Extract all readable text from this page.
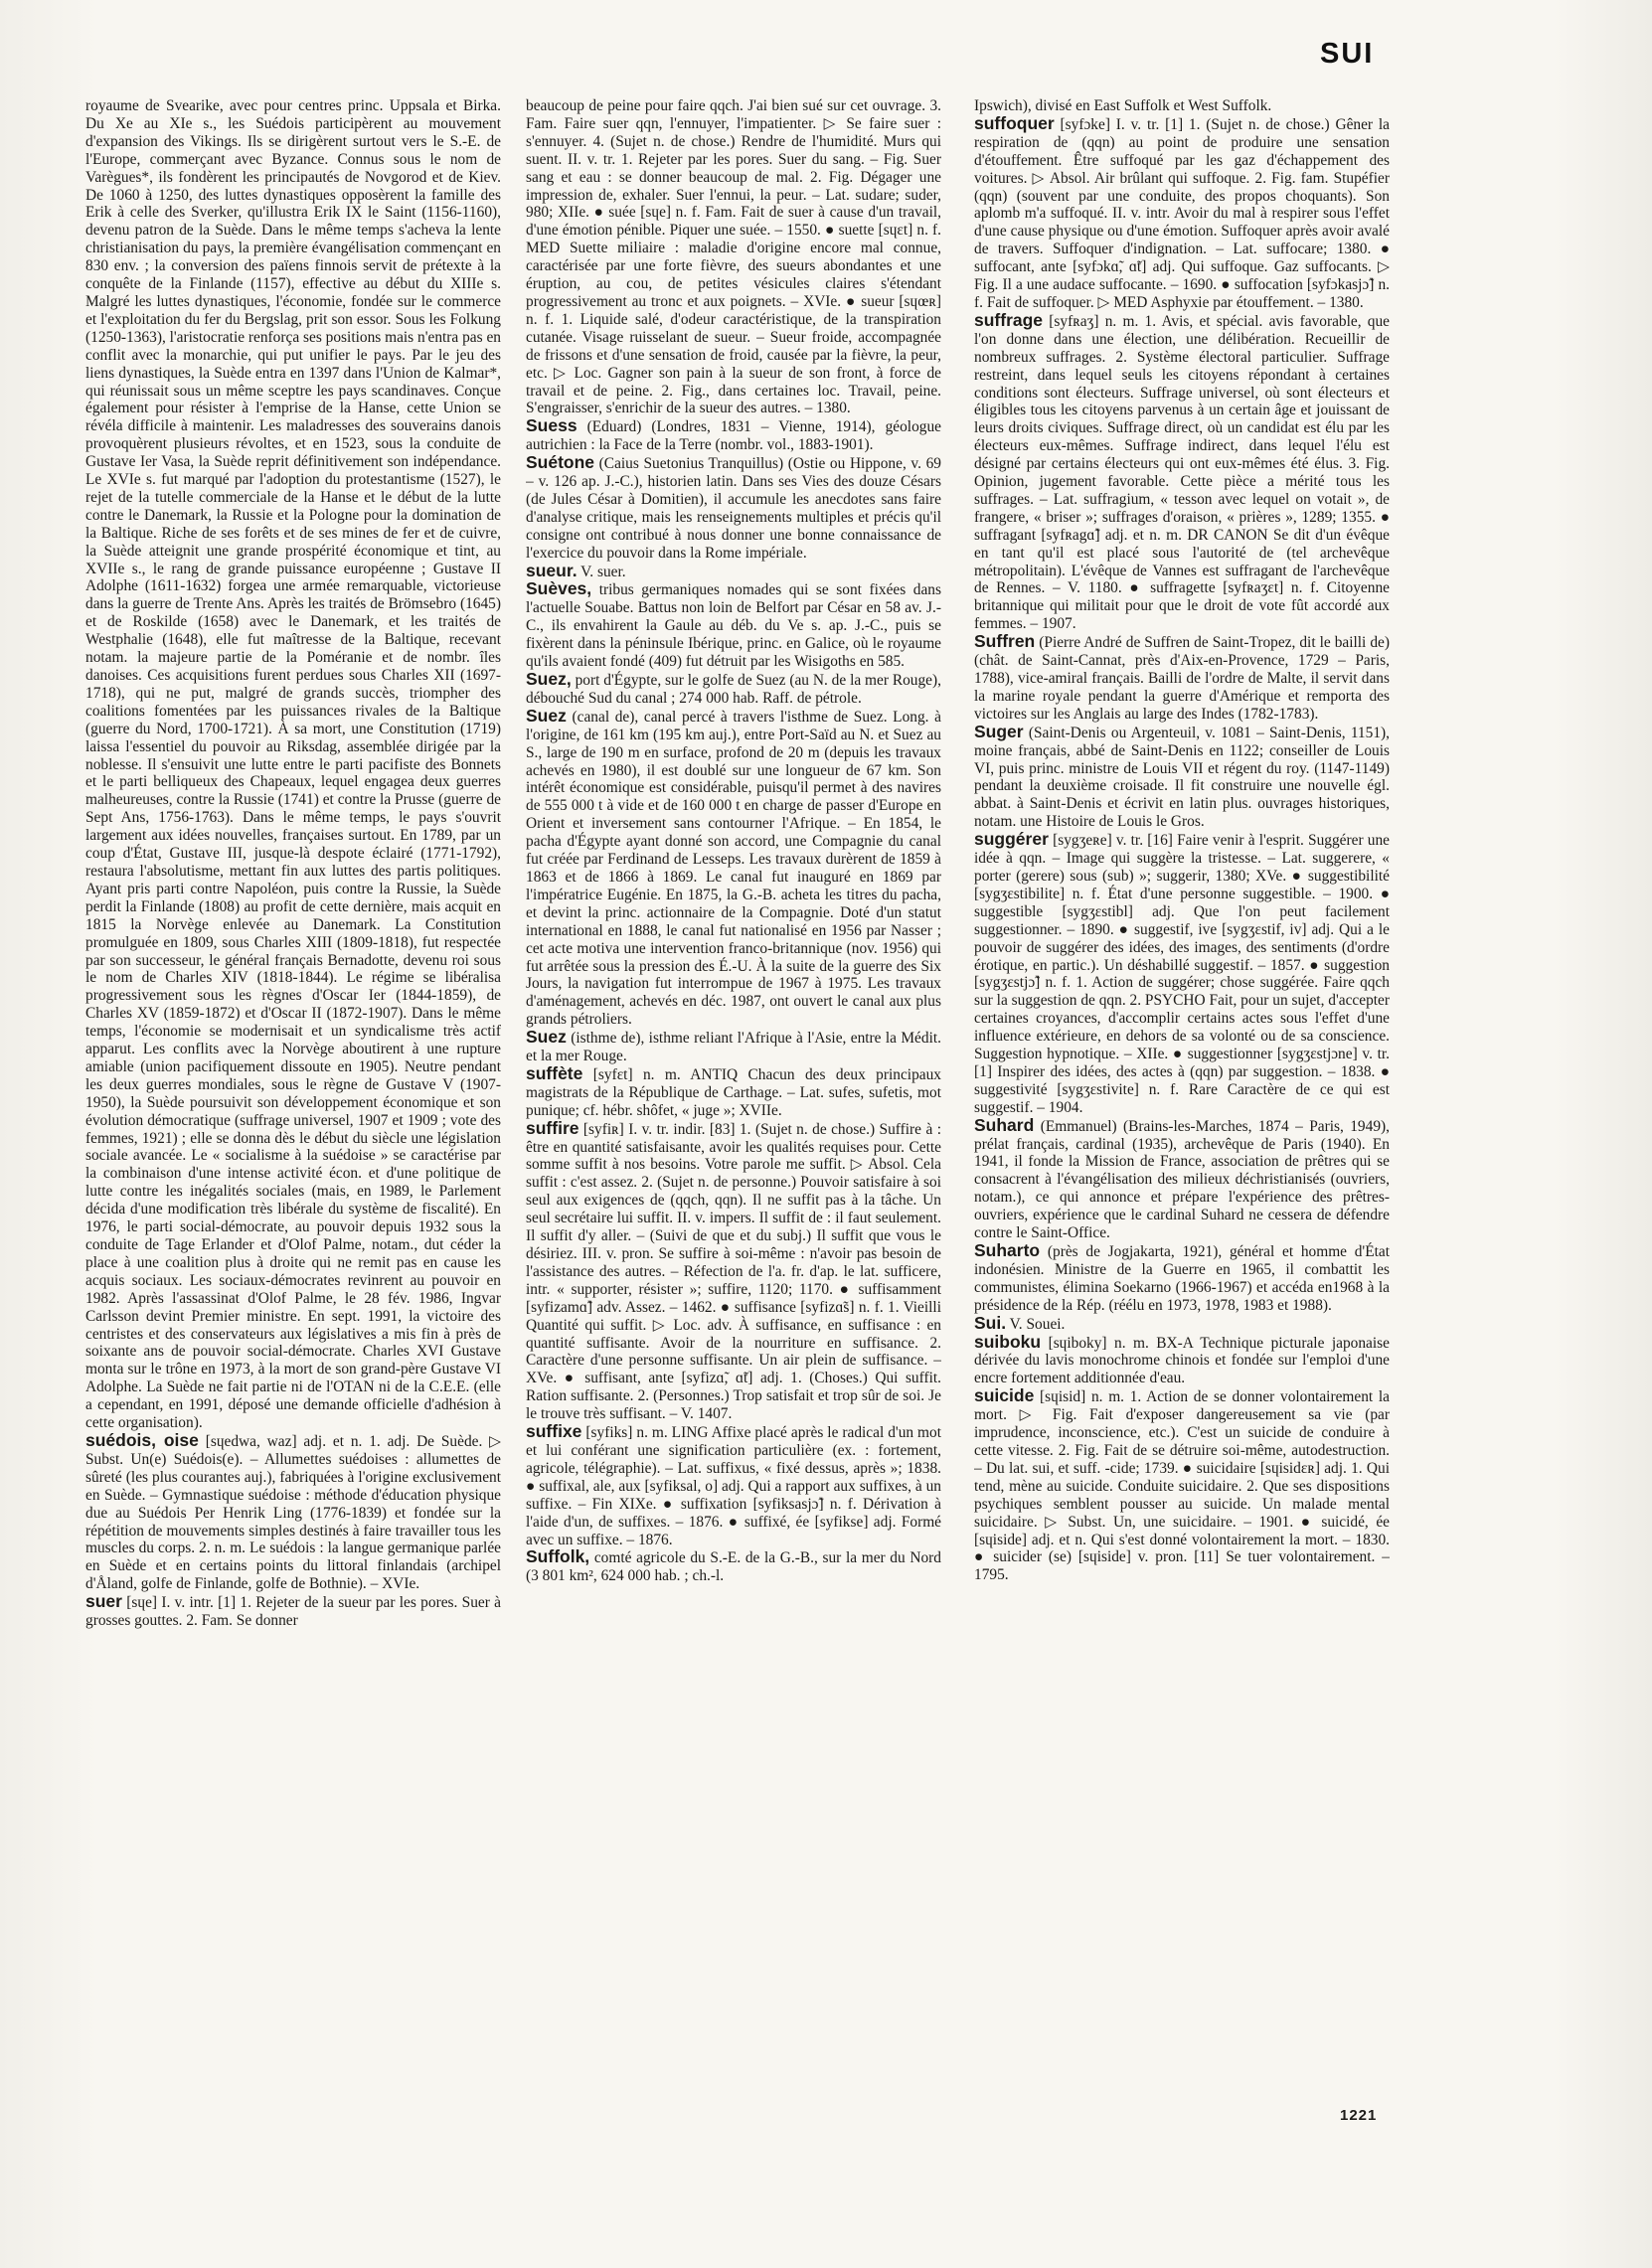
SUI

royaume de Svearike, avec pour centres princ. Uppsala et Birka. Du Xe au XIe s., les Suédois participèrent au mouvement d'expansion des Vikings. Ils se dirigèrent surtout vers le S.-E. de l'Europe, commerçant avec Byzance. Connus sous le nom de Varègues*, ils fondèrent les principautés de Novgorod et de Kiev. De 1060 à 1250, des luttes dynastiques opposèrent la famille des Erik à celle des Sverker, qu'illustra Erik IX le Saint (1156-1160), devenu patron de la Suède. Dans le même temps s'acheva la lente christianisation du pays, la première évangélisation commençant en 830 env. ; la conversion des païens finnois servit de prétexte à la conquête de la Finlande (1157), effective au début du XIIIe s. Malgré les luttes dynastiques, l'économie, fondée sur le commerce et l'exploitation du fer du Bergslag, prit son essor. Sous les Folkung (1250-1363), l'aristocratie renforça ses positions mais n'entra pas en conflit avec la monarchie, qui put unifier le pays. Par le jeu des liens dynastiques, la Suède entra en 1397 dans l'Union de Kalmar*, qui réunissait sous un même sceptre les pays scandinaves. Conçue également pour résister à l'emprise de la Hanse, cette Union se révéla difficile à maintenir. Les maladresses des souverains danois provoquèrent plusieurs révoltes, et en 1523, sous la conduite de Gustave Ier Vasa, la Suède reprit définitivement son indépendance. Le XVIe s. fut marqué par l'adoption du protestantisme (1527), le rejet de la tutelle commerciale de la Hanse et le début de la lutte contre le Danemark, la Russie et la Pologne pour la domination de la Baltique. Riche de ses forêts et de ses mines de fer et de cuivre, la Suède atteignit une grande prospérité économique et tint, au XVIIe s., le rang de grande puissance européenne ; Gustave II Adolphe (1611-1632) forgea une armée remarquable, victorieuse dans la guerre de Trente Ans. Après les traités de Brömsebro (1645) et de Roskilde (1658) avec le Danemark, et les traités de Westphalie (1648), elle fut maîtresse de la Baltique, recevant notam. la majeure partie de la Poméranie et de nombr. îles danoises. Ces acquisitions furent perdues sous Charles XII (1697-1718), qui ne put, malgré de grands succès, triompher des coalitions fomentées par les puissances rivales de la Baltique (guerre du Nord, 1700-1721). À sa mort, une Constitution (1719) laissa l'essentiel du pouvoir au Riksdag, assemblée dirigée par la noblesse. Il s'ensuivit une lutte entre le parti pacifiste des Bonnets et le parti belliqueux des Chapeaux, lequel engagea deux guerres malheureuses, contre la Russie (1741) et contre la Prusse (guerre de Sept Ans, 1756-1763). Dans le même temps, le pays s'ouvrit largement aux idées nouvelles, françaises surtout. En 1789, par un coup d'État, Gustave III, jusque-là despote éclairé (1771-1792), restaura l'absolutisme, mettant fin aux luttes des partis politiques. Ayant pris parti contre Napoléon, puis contre la Russie, la Suède perdit la Finlande (1808) au profit de cette dernière, mais acquit en 1815 la Norvège enlevée au Danemark. La Constitution promulguée en 1809, sous Charles XIII (1809-1818), fut respectée par son successeur, le général français Bernadotte, devenu roi sous le nom de Charles XIV (1818-1844). Le régime se libéralisa progressivement sous les règnes d'Oscar Ier (1844-1859), de Charles XV (1859-1872) et d'Oscar II (1872-1907). Dans le même temps, l'économie se modernisait et un syndicalisme très actif apparut. Les conflits avec la Norvège aboutirent à une rupture amiable (union pacifiquement dissoute en 1905). Neutre pendant les deux guerres mondiales, sous le règne de Gustave V (1907-1950), la Suède poursuivit son développement économique et son évolution démocratique (suffrage universel, 1907 et 1909 ; vote des femmes, 1921) ; elle se donna dès le début du siècle une législation sociale avancée. Le « socialisme à la suédoise » se caractérise par la combinaison d'une intense activité écon. et d'une politique de lutte contre les inégalités sociales (mais, en 1989, le Parlement décida d'une modification très libérale du système de fiscalité). En 1976, le parti social-démocrate, au pouvoir depuis 1932 sous la conduite de Tage Erlander et d'Olof Palme, notam., dut céder la place à une coalition plus à droite qui ne remit pas en cause les acquis sociaux. Les sociaux-démocrates revinrent au pouvoir en 1982. Après l'assassinat d'Olof Palme, le 28 fév. 1986, Ingvar Carlsson devint Premier ministre. En sept. 1991, la victoire des centristes et des conservateurs aux législatives a mis fin à près de soixante ans de pouvoir social-démocrate. Charles XVI Gustave monta sur le trône en 1973, à la mort de son grand-père Gustave VI Adolphe. La Suède ne fait partie ni de l'OTAN ni de la C.E.E. (elle a cependant, en 1991, déposé une demande officielle d'adhésion à cette organisation).

suédois, oise [sɥedwa, waz] adj. et n. 1. adj. De Suède. ▷ Subst. Un(e) Suédois(e). – Allumettes suédoises : allumettes de sûreté (les plus courantes auj.), fabriquées à l'origine exclusivement en Suède. – Gymnastique suédoise : méthode d'éducation physique due au Suédois Per Henrik Ling (1776-1839) et fondée sur la répétition de mouvements simples destinés à faire travailler tous les muscles du corps. 2. n. m. Le suédois : la langue germanique parlée en Suède et en certains points du littoral finlandais (archipel d'Åland, golfe de Finlande, golfe de Bothnie). – XVIe.

suer [sɥe] I. v. intr. [1] 1. Rejeter de la sueur par les pores. Suer à grosses gouttes. 2. Fam. Se donner

beaucoup de peine pour faire qqch. J'ai bien sué sur cet ouvrage. 3. Fam. Faire suer qqn, l'ennuyer, l'impatienter. ▷ Se faire suer : s'ennuyer. 4. (Sujet n. de chose.) Rendre de l'humidité. Murs qui suent. II. v. tr. 1. Rejeter par les pores. Suer du sang. – Fig. Suer sang et eau : se donner beaucoup de mal. 2. Fig. Dégager une impression de, exhaler. Suer l'ennui, la peur. – Lat. sudare; suder, 980; XIIe. ● suée [sɥe] n. f. Fam. Fait de suer à cause d'un travail, d'une émotion pénible. Piquer une suée. – 1550. ● suette [sɥɛt] n. f. MED Suette miliaire : maladie d'origine encore mal connue, caractérisée par une forte fièvre, des sueurs abondantes et une éruption, au cou, de petites vésicules claires s'étendant progressivement au tronc et aux poignets. – XVIe. ● sueur [sɥœʀ] n. f. 1. Liquide salé, d'odeur caractéristique, de la transpiration cutanée. Visage ruisselant de sueur. – Sueur froide, accompagnée de frissons et d'une sensation de froid, causée par la fièvre, la peur, etc. ▷ Loc. Gagner son pain à la sueur de son front, à force de travail et de peine. 2. Fig., dans certaines loc. Travail, peine. S'engraisser, s'enrichir de la sueur des autres. – 1380.

Suess (Eduard) (Londres, 1831 – Vienne, 1914), géologue autrichien : la Face de la Terre (nombr. vol., 1883-1901).

Suétone (Caius Suetonius Tranquillus) (Ostie ou Hippone, v. 69 – v. 126 ap. J.-C.), historien latin. Dans ses Vies des douze Césars (de Jules César à Domitien), il accumule les anecdotes sans faire d'analyse critique, mais les renseignements multiples et précis qu'il consigne ont contribué à nous donner une bonne connaissance de l'exercice du pouvoir dans la Rome impériale.

sueur. V. suer.

Suèves, tribus germaniques nomades qui se sont fixées dans l'actuelle Souabe. Battus non loin de Belfort par César en 58 av. J.-C., ils envahirent la Gaule au déb. du Ve s. ap. J.-C., puis se fixèrent dans la péninsule Ibérique, princ. en Galice, où le royaume qu'ils avaient fondé (409) fut détruit par les Wisigoths en 585.

Suez, port d'Égypte, sur le golfe de Suez (au N. de la mer Rouge), débouché Sud du canal ; 274 000 hab. Raff. de pétrole.

Suez (canal de), canal percé à travers l'isthme de Suez. Long. à l'origine, de 161 km (195 km auj.), entre Port-Saïd au N. et Suez au S., large de 190 m en surface, profond de 20 m (depuis les travaux achevés en 1980), il est doublé sur une longueur de 67 km. Son intérêt économique est considérable, puisqu'il permet à des navires de 555 000 t à vide et de 160 000 t en charge de passer d'Europe en Orient et inversement sans contourner l'Afrique. – En 1854, le pacha d'Égypte ayant donné son accord, une Compagnie du canal fut créée par Ferdinand de Lesseps. Les travaux durèrent de 1859 à 1863 et de 1866 à 1869. Le canal fut inauguré en 1869 par l'impératrice Eugénie. En 1875, la G.-B. acheta les titres du pacha, et devint la princ. actionnaire de la Compagnie. Doté d'un statut international en 1888, le canal fut nationalisé en 1956 par Nasser ; cet acte motiva une intervention franco-britannique (nov. 1956) qui fut arrêtée sous la pression des É.-U. À la suite de la guerre des Six Jours, la navigation fut interrompue de 1967 à 1975. Les travaux d'aménagement, achevés en déc. 1987, ont ouvert le canal aux plus grands pétroliers.

Suez (isthme de), isthme reliant l'Afrique à l'Asie, entre la Médit. et la mer Rouge.

suffète [syfɛt] n. m. ANTIQ Chacun des deux principaux magistrats de la République de Carthage. – Lat. sufes, sufetis, mot punique; cf. hébr. shôfet, « juge »; XVIIe.

suffire [syfiʀ] I. v. tr. indir. [83] 1. (Sujet n. de chose.) Suffire à : être en quantité satisfaisante, avoir les qualités requises pour. Cette somme suffit à nos besoins. Votre parole me suffit. ▷ Absol. Cela suffit : c'est assez. 2. (Sujet n. de personne.) Pouvoir satisfaire à soi seul aux exigences de (qqch, qqn). Il ne suffit pas à la tâche. Un seul secrétaire lui suffit. II. v. impers. Il suffit de : il faut seulement. Il suffit d'y aller. – (Suivi de que et du subj.) Il suffit que vous le désiriez. III. v. pron. Se suffire à soi-même : n'avoir pas besoin de l'assistance des autres. – Réfection de l'a. fr. d'ap. le lat. sufficere, intr. « supporter, résister »; suffire, 1120; 1170. ● suffisamment [syfizamɑ̃] adv. Assez. – 1462. ● suffisance [syfizɑ̃s] n. f. 1. Vieilli Quantité qui suffit. ▷ Loc. adv. À suffisance, en suffisance : en quantité suffisante. Avoir de la nourriture en suffisance. 2. Caractère d'une personne suffisante. Un air plein de suffisance. – XVe. ● suffisant, ante [syfizɑ̃, ɑ̃t] adj. 1. (Choses.) Qui suffit. Ration suffisante. 2. (Personnes.) Trop satisfait et trop sûr de soi. Je le trouve très suffisant. – V. 1407.

suffixe [syfiks] n. m. LING Affixe placé après le radical d'un mot et lui conférant une signification particulière (ex. : fortement, agricole, télégraphie). – Lat. suffixus, « fixé dessus, après »; 1838. ● suffixal, ale, aux [syfiksal, o] adj. Qui a rapport aux suffixes, à un suffixe. – Fin XIXe. ● suffixation [syfiksasjɔ̃] n. f. Dérivation à l'aide d'un, de suffixes. – 1876. ● suffixé, ée [syfikse] adj. Formé avec un suffixe. – 1876.

Suffolk, comté agricole du S.-E. de la G.-B., sur la mer du Nord (3 801 km², 624 000 hab. ; ch.-l.

Ipswich), divisé en East Suffolk et West Suffolk.

suffoquer [syfɔke] I. v. tr. [1] 1. (Sujet n. de chose.) Gêner la respiration de (qqn) au point de produire une sensation d'étouffement. Être suffoqué par les gaz d'échappement des voitures. ▷ Absol. Air brûlant qui suffoque. 2. Fig. fam. Stupéfier (qqn) (souvent par une conduite, des propos choquants). Son aplomb m'a suffoqué. II. v. intr. Avoir du mal à respirer sous l'effet d'une cause physique ou d'une émotion. Suffoquer après avoir avalé de travers. Suffoquer d'indignation. – Lat. suffocare; 1380. ● suffocant, ante [syfɔkɑ̃, ɑ̃t] adj. Qui suffoque. Gaz suffocants. ▷ Fig. Il a une audace suffocante. – 1690. ● suffocation [syfɔkasjɔ̃] n. f. Fait de suffoquer. ▷ MED Asphyxie par étouffement. – 1380.

suffrage [syfʀaʒ] n. m. 1. Avis, et spécial. avis favorable, que l'on donne dans une élection, une délibération. Recueillir de nombreux suffrages. 2. Système électoral particulier. Suffrage restreint, dans lequel seuls les citoyens répondant à certaines conditions sont électeurs. Suffrage universel, où sont électeurs et éligibles tous les citoyens parvenus à un certain âge et jouissant de leurs droits civiques. Suffrage direct, où un candidat est élu par les électeurs eux-mêmes. Suffrage indirect, dans lequel l'élu est désigné par certains électeurs qui ont eux-mêmes été élus. 3. Fig. Opinion, jugement favorable. Cette pièce a mérité tous les suffrages. – Lat. suffragium, « tesson avec lequel on votait », de frangere, « briser »; suffrages d'oraison, « prières », 1289; 1355. ● suffragant [syfʀagɑ̃] adj. et n. m. DR CANON Se dit d'un évêque en tant qu'il est placé sous l'autorité de (tel archevêque métropolitain). L'évêque de Vannes est suffragant de l'archevêque de Rennes. – V. 1180. ● suffragette [syfʀaʒɛt] n. f. Citoyenne britannique qui militait pour que le droit de vote fût accordé aux femmes. – 1907.

Suffren (Pierre André de Suffren de Saint-Tropez, dit le bailli de) (chât. de Saint-Cannat, près d'Aix-en-Provence, 1729 – Paris, 1788), vice-amiral français. Bailli de l'ordre de Malte, il servit dans la marine royale pendant la guerre d'Amérique et remporta des victoires sur les Anglais au large des Indes (1782-1783).

Suger (Saint-Denis ou Argenteuil, v. 1081 – Saint-Denis, 1151), moine français, abbé de Saint-Denis en 1122; conseiller de Louis VI, puis princ. ministre de Louis VII et régent du roy. (1147-1149) pendant la deuxième croisade. Il fit construire une nouvelle égl. abbat. à Saint-Denis et écrivit en latin plus. ouvrages historiques, notam. une Histoire de Louis le Gros.

suggérer [sygʒeʀe] v. tr. [16] Faire venir à l'esprit. Suggérer une idée à qqn. – Image qui suggère la tristesse. – Lat. suggerere, « porter (gerere) sous (sub) »; suggerir, 1380; XVe. ● suggestibilité [sygʒɛstibilite] n. f. État d'une personne suggestible. – 1900. ● suggestible [sygʒɛstibl] adj. Que l'on peut facilement suggestionner. – 1890. ● suggestif, ive [sygʒɛstif, iv] adj. Qui a le pouvoir de suggérer des idées, des images, des sentiments (d'ordre érotique, en partic.). Un déshabillé suggestif. – 1857. ● suggestion [sygʒɛstjɔ̃] n. f. 1. Action de suggérer; chose suggérée. Faire qqch sur la suggestion de qqn. 2. PSYCHO Fait, pour un sujet, d'accepter certaines croyances, d'accomplir certains actes sous l'effet d'une influence extérieure, en dehors de sa volonté ou de sa conscience. Suggestion hypnotique. – XIIe. ● suggestionner [sygʒɛstjɔne] v. tr. [1] Inspirer des idées, des actes à (qqn) par suggestion. – 1838. ● suggestivité [sygʒɛstivite] n. f. Rare Caractère de ce qui est suggestif. – 1904.

Suhard (Emmanuel) (Brains-les-Marches, 1874 – Paris, 1949), prélat français, cardinal (1935), archevêque de Paris (1940). En 1941, il fonde la Mission de France, association de prêtres qui se consacrent à l'évangélisation des milieux déchristianisés (ouvriers, notam.), ce qui annonce et prépare l'expérience des prêtres-ouvriers, expérience que le cardinal Suhard ne cessera de défendre contre le Saint-Office.

Suharto (près de Jogjakarta, 1921), général et homme d'État indonésien. Ministre de la Guerre en 1965, il combattit les communistes, élimina Soekarno (1966-1967) et accéda en1968 à la présidence de la Rép. (réélu en 1973, 1978, 1983 et 1988).

Sui. V. Souei.

suiboku [sɥiboky] n. m. BX-A Technique picturale japonaise dérivée du lavis monochrome chinois et fondée sur l'emploi d'une encre fortement additionnée d'eau.

suicide [sɥisid] n. m. 1. Action de se donner volontairement la mort. ▷ Fig. Fait d'exposer dangereusement sa vie (par imprudence, inconscience, etc.). C'est un suicide de conduire à cette vitesse. 2. Fig. Fait de se détruire soi-même, autodestruction. – Du lat. sui, et suff. -cide; 1739. ● suicidaire [sɥisidɛʀ] adj. 1. Qui tend, mène au suicide. Conduite suicidaire. 2. Que ses dispositions psychiques semblent pousser au suicide. Un malade mental suicidaire. ▷ Subst. Un, une suicidaire. – 1901. ● suicidé, ée [sɥiside] adj. et n. Qui s'est donné volontairement la mort. – 1830. ● suicider (se) [sɥiside] v. pron. [11] Se tuer volontairement. – 1795.

1221
